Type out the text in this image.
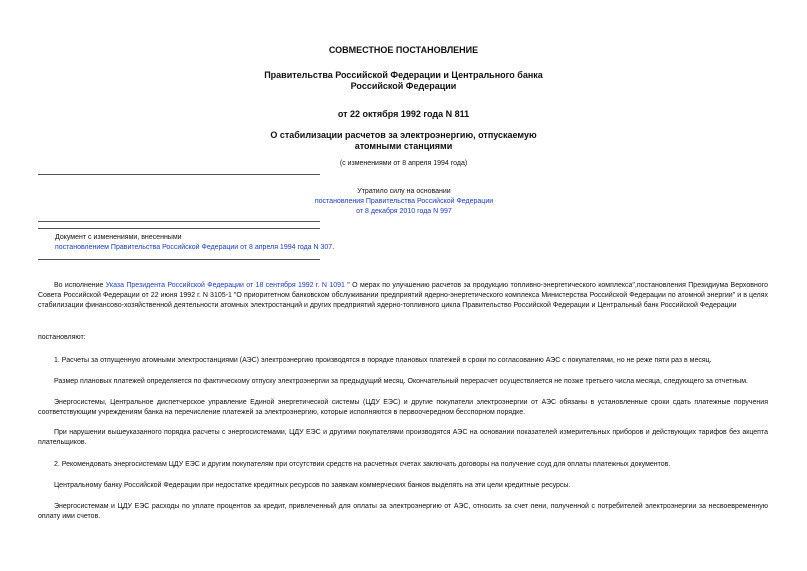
СОВМЕСТНОЕ ПОСТАНОВЛЕНИЕ
Правительства Российской Федерации и Центрального банка
Российской Федерации
от 22 октября 1992 года N 811
О стабилизации расчетов за электроэнергию, отпускаемую
атомными станциями
(с изменениями от 8 апреля 1994 года)
Утратило силу на основании
постановления Правительства Российской Федерации
от 8 декабря 2010 года N 997
Документ с изменениями, внесенными
постановлением Правительства Российской Федерации от 8 апреля 1994 года N 307.
Во исполнение Указа Президента Российской Федерации от 18 сентября 1992 г. N 1091 " О мерах по улучшению расчетов за продукцию топливно-энергетического комплекса",постановления Президиума Верховного Совета Российской Федерации от 22 июня 1992 г. N 3105-1 "О приоритетном банковском обслуживании предприятий ядерно-энергетического комплекса Министерства Российской Федерации по атомной энергии" и в целях стабилизации финансово-хозяйственной деятельности атомных электростанций и других предприятий ядерно-топливного цикла Правительство Российской Федерации и Центральный банк Российской Федерации
постановляют:
1. Расчеты за отпущенную атомными электростанциями (АЭС) электроэнергию производятся в порядке плановых платежей в сроки по согласованию АЭС с покупателями, но не реже пяти раз в месяц.
Размер плановых платежей определяется по фактическому отпуску электроэнергии за предыдущий месяц. Окончательный перерасчет осуществляется не позже третьего числа месяца, следующего за отчетным.
Энергосистемы, Центральное диспетчерское управление Единой энергетической системы (ЦДУ ЕЭС) и другие покупатели электроэнергии от АЭС обязаны в установленные сроки сдать платежные поручения соответствующим учреждениям банка на перечисление платежей за электроэнергию, которые исполняются в первоочередном бесспорном порядке.
При нарушении вышеуказанного порядка расчеты с энергосистемами, ЦДУ ЕЭС и другими покупателями производятся АЭС на основании показателей измерительных приборов и действующих тарифов без акцепта плательщиков.
2. Рекомендовать энергосистемам ЦДУ ЕЭС и другим покупателям при отсутствии средств на расчетных счетах заключать договоры на получение ссуд для оплаты платежных документов.
Центральному банку Российской Федерации при недостатке кредитных ресурсов по заявкам коммерческих банков выделять на эти цели кредитные ресурсы.
Энергосистемам и ЦДУ ЕЭС расходы по уплате процентов за кредит, привлеченный для оплаты за электроэнергию от АЭС, относить за счет пени, полученной с потребителей электроэнергии за несвоевременную оплату ими счетов.
